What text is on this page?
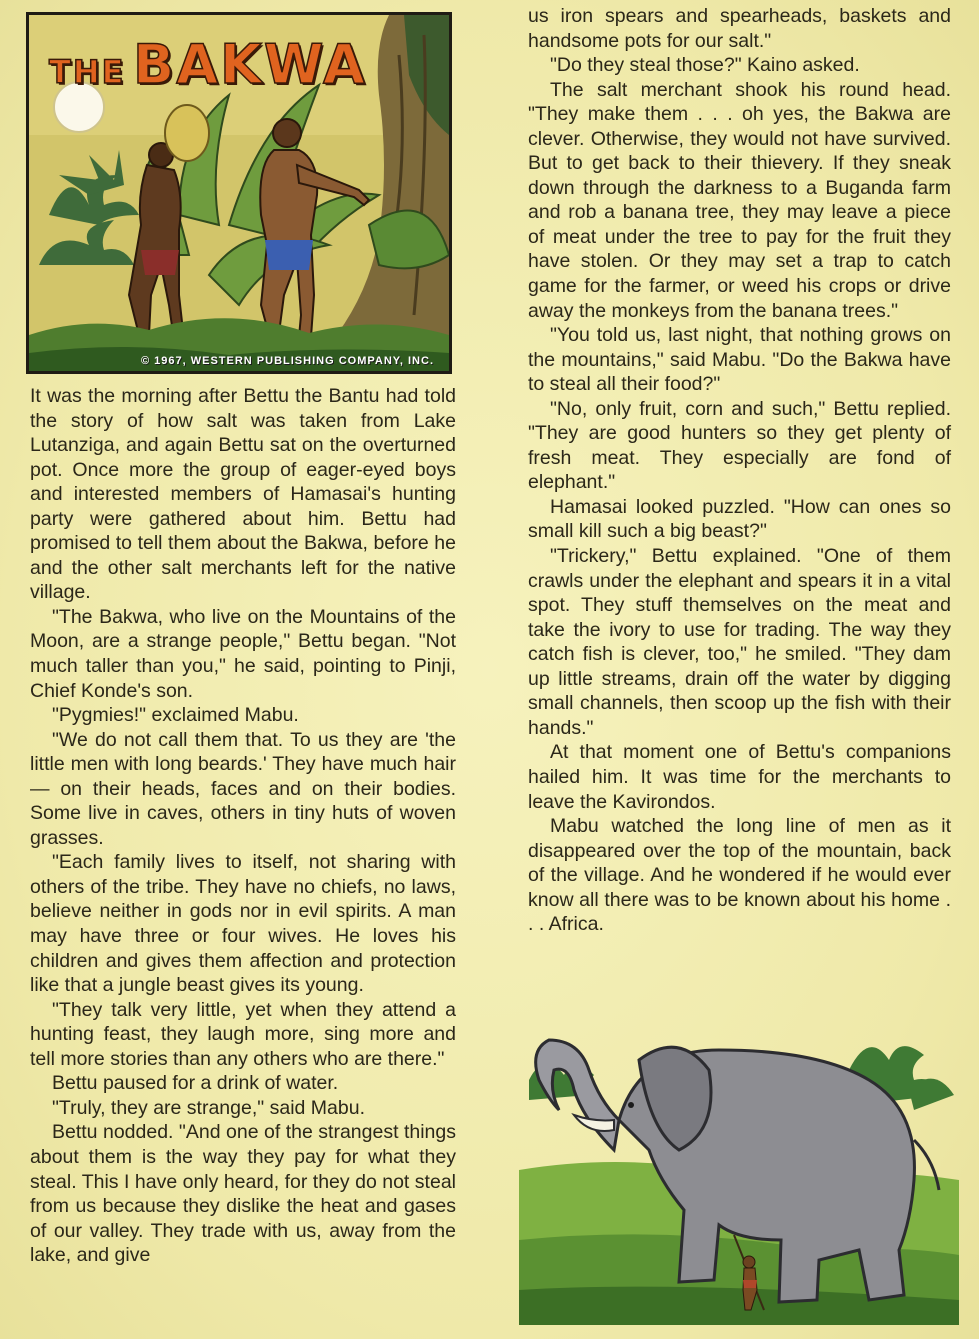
THE BAKWA
© 1967, WESTERN PUBLISHING COMPANY, INC.

It was the morning after Bettu the Bantu had told the story of how salt was taken from Lake Lutanziga, and again Bettu sat on the overturned pot. Once more the group of eager-eyed boys and interested members of Hamasai's hunting party were gathered about him. Bettu had promised to tell them about the Bakwa, before he and the other salt merchants left for the native village.

"The Bakwa, who live on the Mountains of the Moon, are a strange people," Bettu began. "Not much taller than you," he said, pointing to Pinji, Chief Konde's son.

"Pygmies!" exclaimed Mabu.

"We do not call them that. To us they are 'the little men with long beards.' They have much hair — on their heads, faces and on their bodies. Some live in caves, others in tiny huts of woven grasses.

"Each family lives to itself, not sharing with others of the tribe. They have no chiefs, no laws, believe neither in gods nor in evil spirits. A man may have three or four wives. He loves his children and gives them affection and protection like that a jungle beast gives its young.

"They talk very little, yet when they attend a hunting feast, they laugh more, sing more and tell more stories than any others who are there."

Bettu paused for a drink of water.

"Truly, they are strange," said Mabu.

Bettu nodded. "And one of the strangest things about them is the way they pay for what they steal. This I have only heard, for they do not steal from us because they dislike the heat and gases of our valley. They trade with us, away from the lake, and give

us iron spears and spearheads, baskets and handsome pots for our salt."

"Do they steal those?" Kaino asked.

The salt merchant shook his round head. "They make them . . . oh yes, the Bakwa are clever. Otherwise, they would not have survived. But to get back to their thievery. If they sneak down through the darkness to a Buganda farm and rob a banana tree, they may leave a piece of meat under the tree to pay for the fruit they have stolen. Or they may set a trap to catch game for the farmer, or weed his crops or drive away the monkeys from the banana trees."

"You told us, last night, that nothing grows on the mountains," said Mabu. "Do the Bakwa have to steal all their food?"

"No, only fruit, corn and such," Bettu replied. "They are good hunters so they get plenty of fresh meat. They especially are fond of elephant."

Hamasai looked puzzled. "How can ones so small kill such a big beast?"

"Trickery," Bettu explained. "One of them crawls under the elephant and spears it in a vital spot. They stuff themselves on the meat and take the ivory to use for trading. The way they catch fish is clever, too," he smiled. "They dam up little streams, drain off the water by digging small channels, then scoop up the fish with their hands."

At that moment one of Bettu's companions hailed him. It was time for the merchants to leave the Kavirondos.

Mabu watched the long line of men as it disappeared over the top of the mountain, back of the village. And he wondered if he would ever know all there was to be known about his home . . . Africa.
